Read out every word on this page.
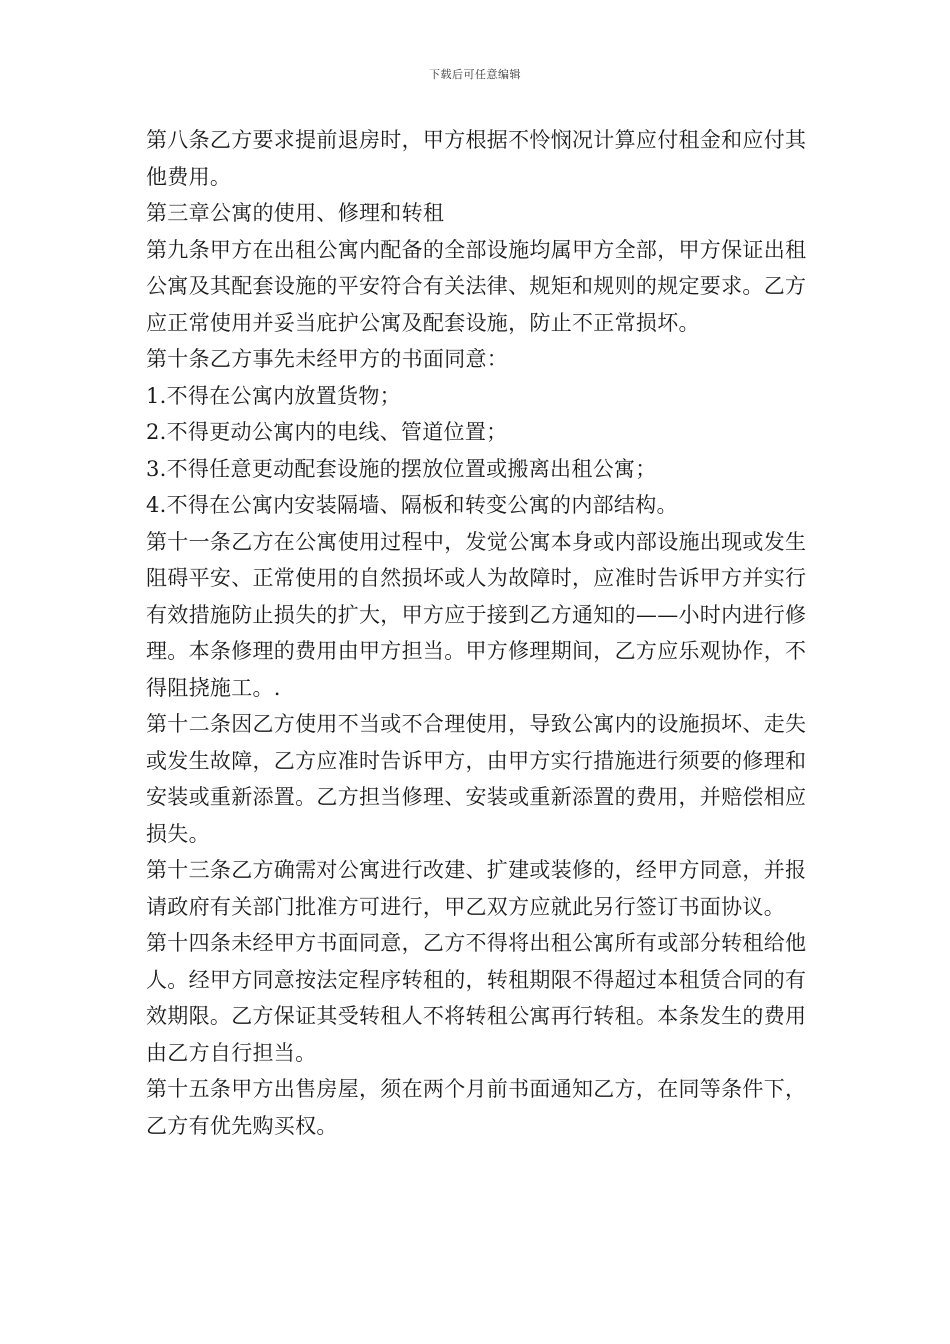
下载后可任意编辑

第八条乙方要求提前退房时，甲方根据不怜悯况计算应付租金和应付其他费用。

第三章公寓的使用、修理和转租

第九条甲方在出租公寓内配备的全部设施均属甲方全部，甲方保证出租公寓及其配套设施的平安符合有关法律、规矩和规则的规定要求。乙方应正常使用并妥当庇护公寓及配套设施，防止不正常损坏。

第十条乙方事先未经甲方的书面同意：

1.不得在公寓内放置货物；

2.不得更动公寓内的电线、管道位置；

3.不得任意更动配套设施的摆放位置或搬离出租公寓；

4.不得在公寓内安装隔墙、隔板和转变公寓的内部结构。

第十一条乙方在公寓使用过程中，发觉公寓本身或内部设施出现或发生阻碍平安、正常使用的自然损坏或人为故障时，应准时告诉甲方并实行有效措施防止损失的扩大，甲方应于接到乙方通知的——小时内进行修理。本条修理的费用由甲方担当。甲方修理期间，乙方应乐观协作，不得阻挠施工。.

第十二条因乙方使用不当或不合理使用，导致公寓内的设施损坏、走失或发生故障，乙方应准时告诉甲方，由甲方实行措施进行须要的修理和安装或重新添置。乙方担当修理、安装或重新添置的费用，并赔偿相应损失。

第十三条乙方确需对公寓进行改建、扩建或装修的，经甲方同意，并报请政府有关部门批准方可进行，甲乙双方应就此另行签订书面协议。

第十四条未经甲方书面同意，乙方不得将出租公寓所有或部分转租给他人。经甲方同意按法定程序转租的，转租期限不得超过本租赁合同的有效期限。乙方保证其受转租人不将转租公寓再行转租。本条发生的费用由乙方自行担当。

第十五条甲方出售房屋，须在两个月前书面通知乙方，在同等条件下，乙方有优先购买权。
